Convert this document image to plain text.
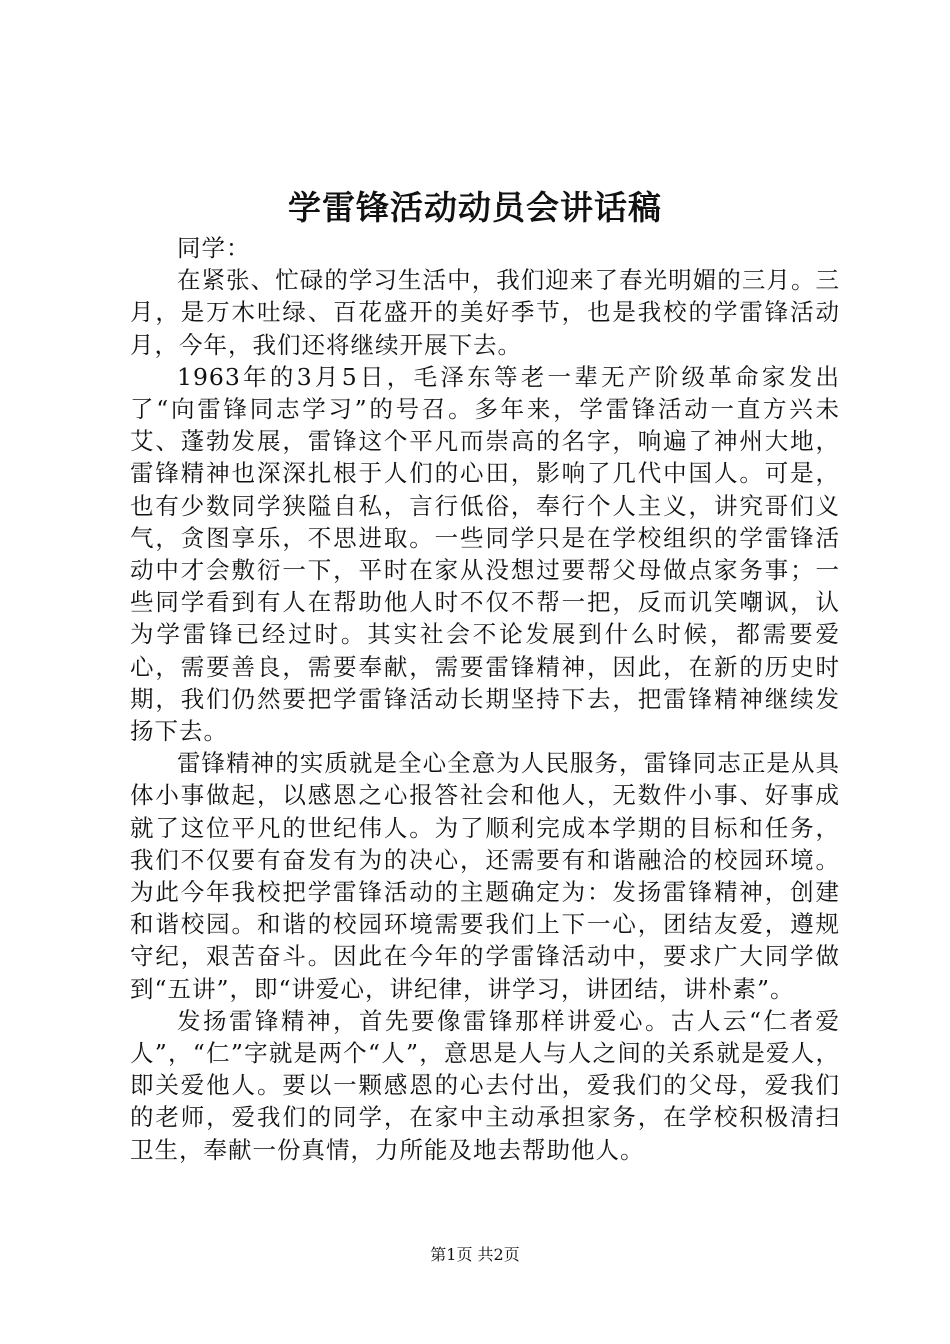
学雷锋活动动员会讲话稿

同学：

在紧张、忙碌的学习生活中，我们迎来了春光明媚的三月。三月，是万木吐绿、百花盛开的美好季节，也是我校的学雷锋活动月，今年，我们还将继续开展下去。

1963年的3月5日，毛泽东等老一辈无产阶级革命家发出了“向雷锋同志学习”的号召。多年来，学雷锋活动一直方兴未艾、蓬勃发展，雷锋这个平凡而崇高的名字，响遍了神州大地，雷锋精神也深深扎根于人们的心田，影响了几代中国人。可是，也有少数同学狭隘自私，言行低俗，奉行个人主义，讲究哥们义气，贪图享乐，不思进取。一些同学只是在学校组织的学雷锋活动中才会敷衍一下，平时在家从没想过要帮父母做点家务事；一些同学看到有人在帮助他人时不仅不帮一把，反而讥笑嘲讽，认为学雷锋已经过时。其实社会不论发展到什么时候，都需要爱心，需要善良，需要奉献，需要雷锋精神，因此，在新的历史时期，我们仍然要把学雷锋活动长期坚持下去，把雷锋精神继续发扬下去。

雷锋精神的实质就是全心全意为人民服务，雷锋同志正是从具体小事做起，以感恩之心报答社会和他人，无数件小事、好事成就了这位平凡的世纪伟人。为了顺利完成本学期的目标和任务，我们不仅要有奋发有为的决心，还需要有和谐融洽的校园环境。为此今年我校把学雷锋活动的主题确定为：发扬雷锋精神，创建和谐校园。和谐的校园环境需要我们上下一心，团结友爱，遵规守纪，艰苦奋斗。因此在今年的学雷锋活动中，要求广大同学做到“五讲”，即“讲爱心，讲纪律，讲学习，讲团结，讲朴素”。

发扬雷锋精神，首先要像雷锋那样讲爱心。古人云“仁者爱人”，“仁”字就是两个“人”，意思是人与人之间的关系就是爱人，即关爱他人。要以一颗感恩的心去付出，爱我们的父母，爱我们的老师，爱我们的同学，在家中主动承担家务，在学校积极清扫卫生，奉献一份真情，力所能及地去帮助他人。

第1页 共2页
